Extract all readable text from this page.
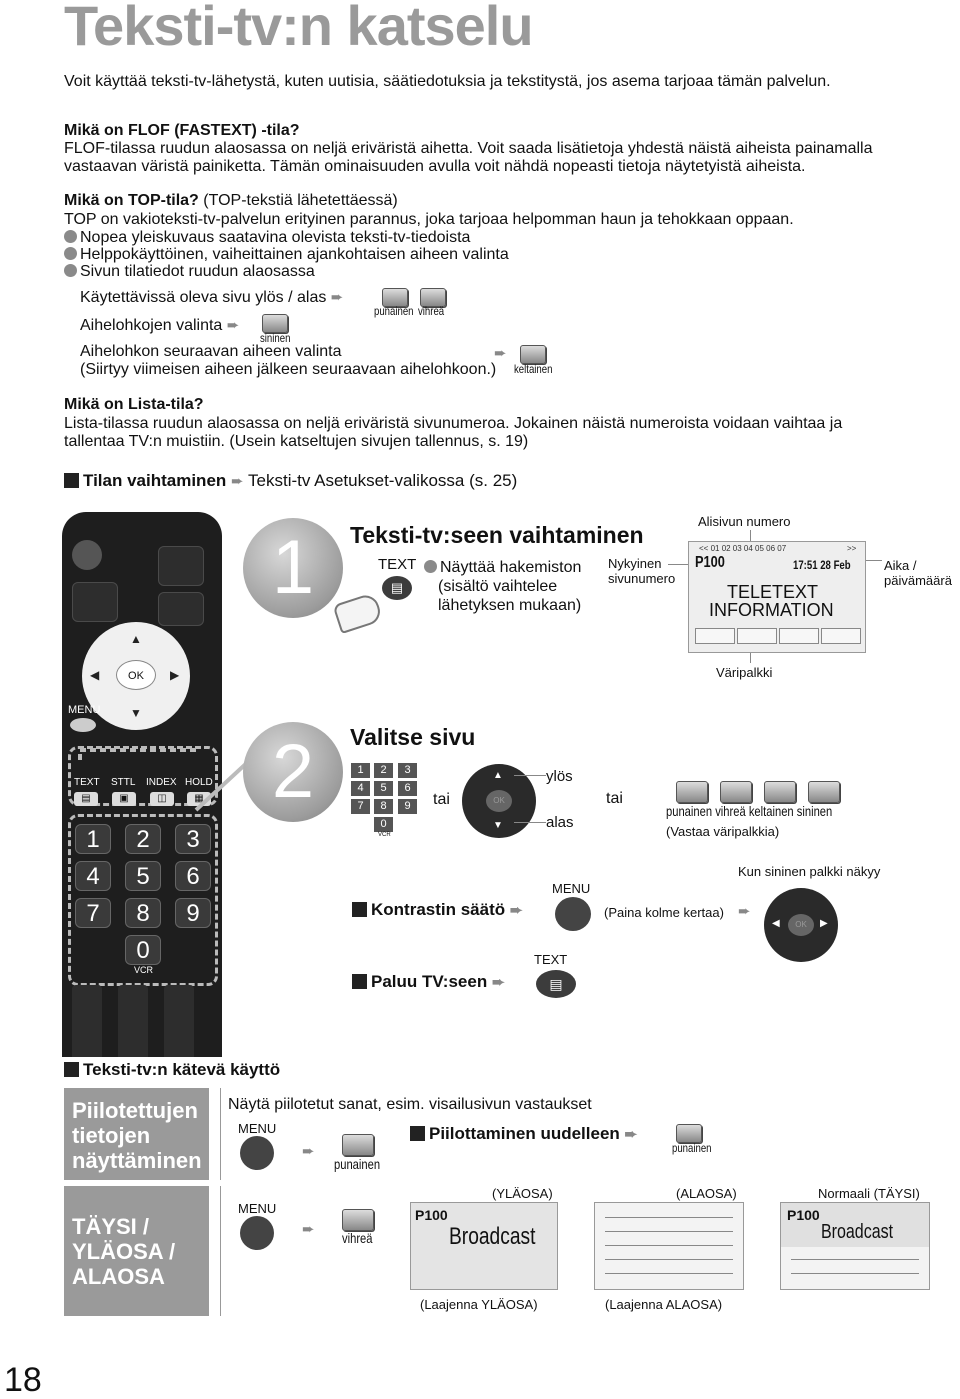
Teksti-tv:n katselu
Voit käyttää teksti-tv-lähetystä, kuten uutisia, säätiedotuksia ja tekstitystä, jos asema tarjoaa tämän palvelun.
Mikä on FLOF (FASTEXT) -tila?
FLOF-tilassa ruudun alaosassa on neljä eriväristä aihetta. Voit saada lisätietoja yhdestä näistä aiheista painamalla
vastaavan väristä painiketta. Tämän ominaisuuden avulla voit nähdä nopeasti tietoja näytetyistä aiheista.
Mikä on TOP-tila? (TOP-tekstiä lähetettäessä)
TOP on vakioteksti-tv-palvelun erityinen parannus, joka tarjoaa helpomman haun ja tehokkaan oppaan.
Nopea yleiskuvaus saatavina olevista teksti-tv-tiedoista
Helppokäyttöinen, vaiheittainen ajankohtaisen aiheen valinta
Sivun tilatiedot ruudun alaosassa
Käytettävissä oleva sivu ylös / alas ➨
punainen vihreä
Aihelohkojen valinta ➨
sininen
Aihelohkon seuraavan aiheen valinta
(Siirtyy viimeisen aiheen jälkeen seuraavaan aihelohkoon.)
➨
keltainen
Mikä on Lista-tila?
Lista-tilassa ruudun alaosassa on neljä eriväristä sivunumeroa. Jokainen näistä numeroista voidaan vaihtaa ja
tallentaa TV:n muistiin. (Usein katseltujen sivujen tallennus, s. 19)
Tilan vaihtaminen ➨ Teksti-tv Asetukset-valikossa (s. 25)
▲
▼
◀	▶
OK
MENU
TEXT STTL INDEX HOLD
▤	▣	◫	▦
1	2	3
4	5	6
7	8	9
0
VCR
1	Teksti-tv:seen vaihtaminen
TEXT
▤
Näyttää hakemiston
(sisältö vaihtelee
lähetyksen mukaan)
Nykyinen
sivunumero
Alisivun numero
Aika /
päivämäärä
<< 01 02 03 04 05 06 07	>>
P100	17:51 28 Feb
TELETEXT
INFORMATION
Väripalkki
2	Valitse sivu
1	2	3
4	5	6
7	8	9
0
VCR
tai	OK
▲
▼
ylös
alas
tai
punainen vihreä keltainen sininen
(Vastaa väripalkkia)
Kontrastin säätö ➨
MENU
(Paina kolme kertaa) ➨
Kun sininen palkki näkyy
OK
◀	▶
Paluu TV:seen ➨
TEXT
▤
Teksti-tv:n kätevä käyttö
Piilotettujen tietojen näyttäminen
Näytä piilotetut sanat, esim. visailusivun vastaukset
MENU
➨
punainen
Piilottaminen uudelleen ➨
punainen
TÄYSI / YLÄOSA / ALAOSA
MENU
➨ vihreä
(YLÄOSA)	(ALAOSA)	Normaali (TÄYSI)
P100
Broadcast
P100
Broadcast
(Laajenna YLÄOSA)	(Laajenna ALAOSA)
18
